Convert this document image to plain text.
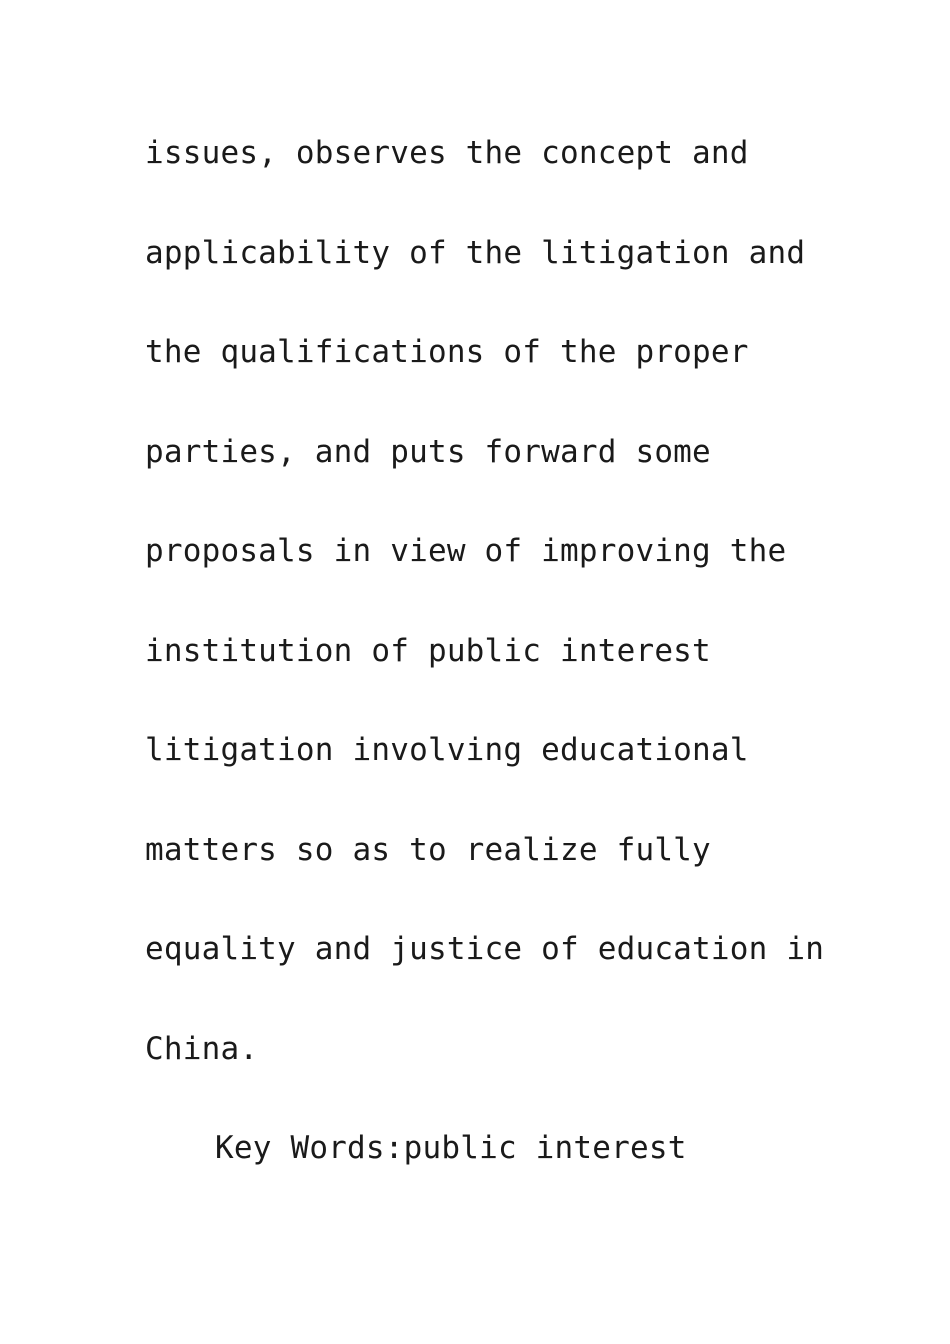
issues, observes the concept and
applicability of the litigation and
the qualifications of the proper
parties, and puts forward some
proposals in view of improving the
institution of public interest
litigation involving educational
matters so as to realize fully
equality and justice of education in
China.
Key Words:public interest
